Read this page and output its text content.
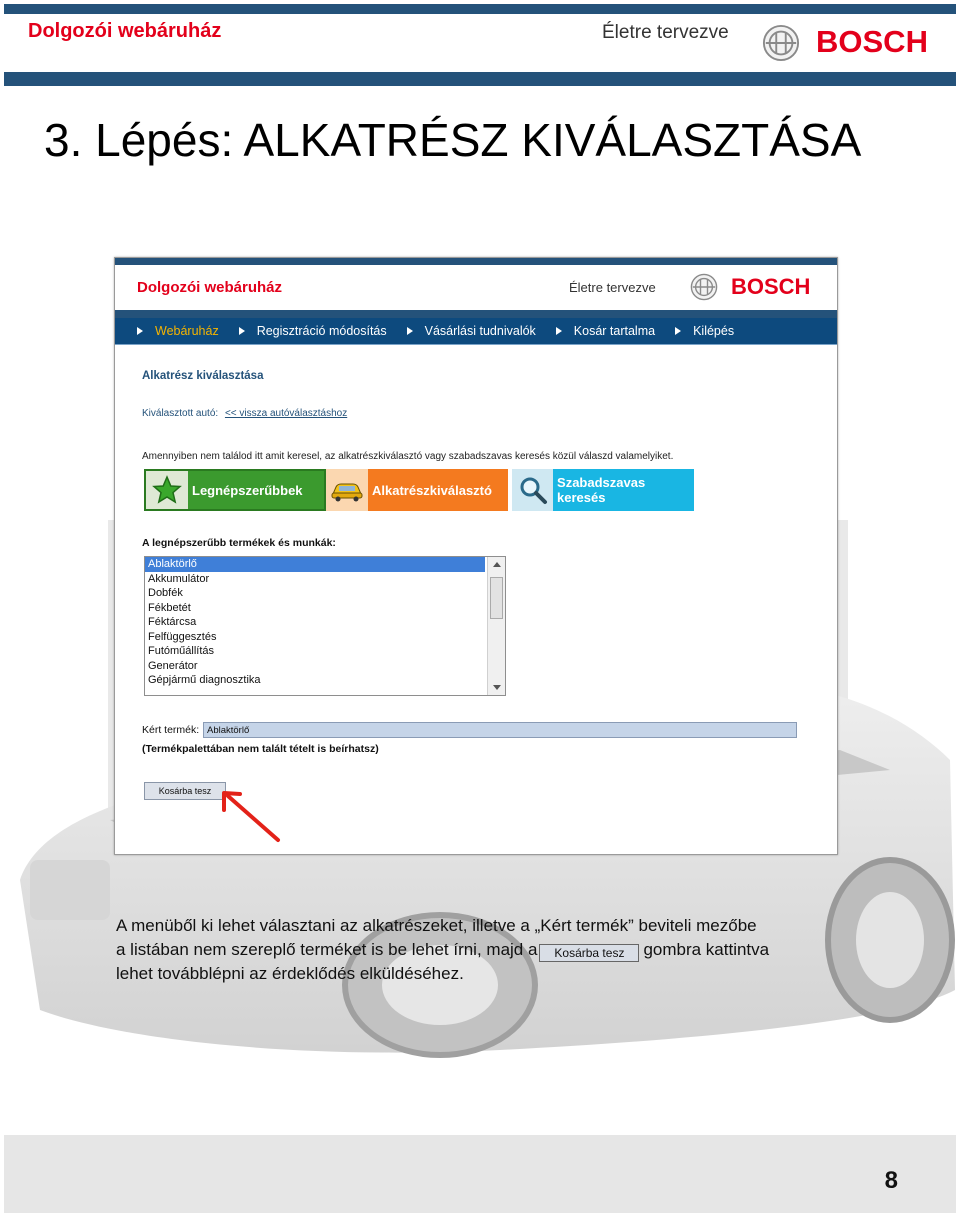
Dolgozói webáruház	Életre tervezve	BOSCH
3. Lépés: ALKATRÉSZ KIVÁLASZTÁSA
Dolgozói webáruház	Életre tervezve	BOSCH
Webáruház	Regisztráció módosítás	Vásárlási tudnivalók	Kosár tartalma	Kilépés
Alkatrész kiválasztása
Kiválasztott autó: << vissza autóválasztáshoz
Amennyiben nem találod itt amit keresel, az alkatrészkiválasztó vagy szabadszavas keresés közül válaszd valamelyiket.
Legnépszerűbbek	Alkatrészkiválasztó	Szabadszavas keresés
A legnépszerűbb termékek és munkák:
Ablaktörlő
Akkumulátor
Dobfék
Fékbetét
Féktárcsa
Felfüggesztés
Futóműállítás
Generátor
Gépjármű diagnosztika
Kért termék:
Ablaktörlő
(Termékpalettában nem talált tételt is beírhatsz)
Kosárba tesz

A menüből ki lehet választani az alkatrészeket, illetve a „Kért termék” beviteli mezőbe

a listában nem szereplő terméket is be lehet írni, majd a Kosárba tesz gombra kattintva

lehet továbblépni az érdeklődés elküldéséhez.

8
